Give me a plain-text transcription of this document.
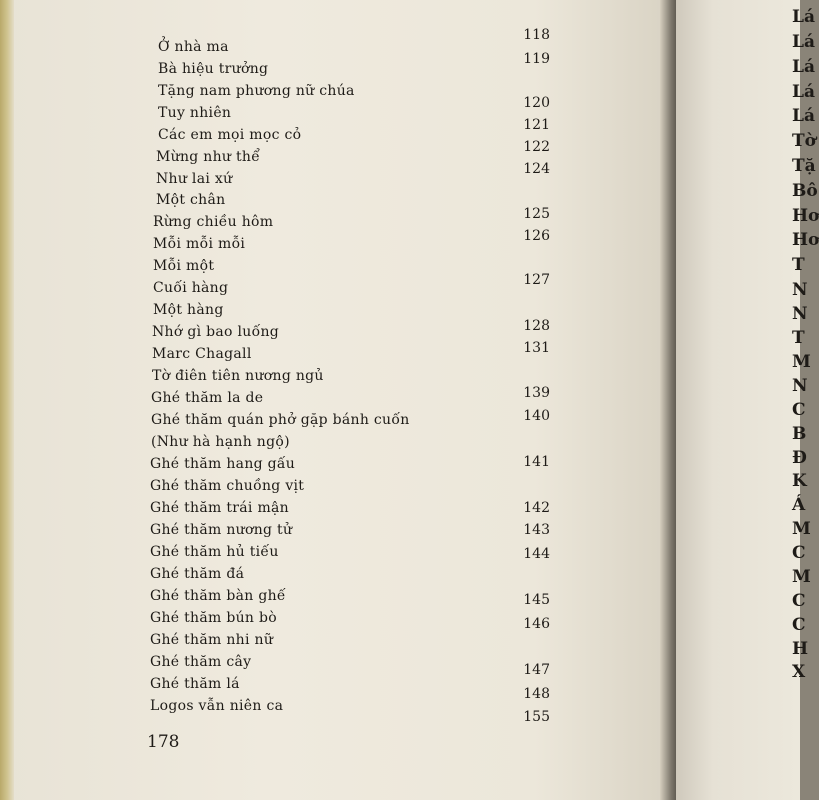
Ở nhà ma
Bà hiệu trưởng
Tặng nam phương nữ chúa
Tuy nhiên
Các em mọi mọc cỏ
Mừng như thể
Như lai xứ
Một chân
Rừng chiều hôm
Mỗi mỗi mỗi
Mỗi một
Cuối hàng
Một hàng
Nhớ gì bao luống
Marc Chagall
Tờ điên tiên nương ngủ
Ghé thăm la de
Ghé thăm quán phở gặp bánh cuốn
(Như hà hạnh ngộ)
Ghé thăm hang gấu
Ghé thăm chuồng vịt
Ghé thăm trái mận
Ghé thăm nương tử
Ghé thăm hủ tiếu
Ghé thăm đá
Ghé thăm bàn ghế
Ghé thăm bún bò
Ghé thăm nhi nữ
Ghé thăm cây
Ghé thăm lá
Logos vẫn niên ca
118
119
120
121
122
124
125
126
127
128
131
139
140
141
142
143
144
145
146
147
148
155
178
Lá
Lá
Lá
Lá
Lá
Tờ
Tặ
Bô
Hơ
Hơ
T
N
N
T
M
N
C
B
Đ
K
Á
M
C
M
C
C
H
X
